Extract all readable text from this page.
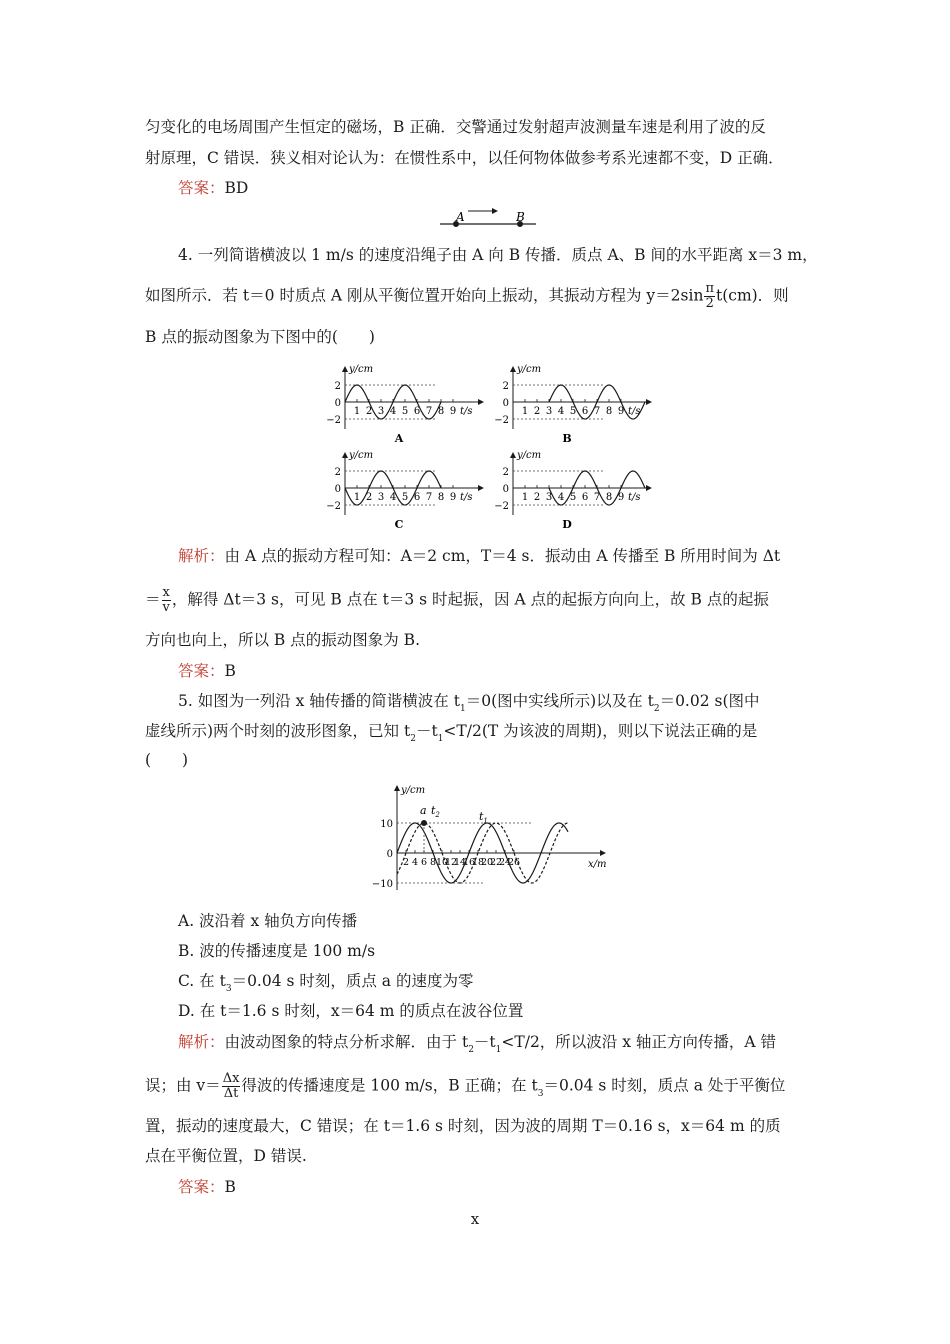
匀变化的电场周围产生恒定的磁场，B 正确．交警通过发射超声波测量车速是利用了波的反
射原理，C 错误．狭义相对论认为：在惯性系中，以任何物体做参考系光速都不变，D 正确．
答案：BD
A	B
4. 一列简谐横波以 1 m/s 的速度沿绳子由 A 向 B 传播．质点 A、B 间的水平距离 x＝3 m，
如图所示．若 t＝0 时质点 A 刚从平衡位置开始向上振动，其振动方程为 $y=2\sin \frac{\pi}{2} t(cm)$．则
B 点的振动图象为下图中的(　　)
y/cm
t/s
2
0
−2
1 2 3 4 5 6 7 8 9
A
y/cm
t/s
2
0
−2
1 2 3 4 5 6 7 8 9
B
y/cm
t/s
2
0
−2
1 2 3 4 5 6 7 8 9
C
y/cm
t/s
2
0
−2
1 2 3 4 5 6 7 8 9
D
解析：由 A 点的振动方程可知：A＝2 cm，T＝4 s．振动由 A 传播至 B 所用时间为 Δt
＝ $\frac{x}{v}$ ，解得 Δt＝3 s，可见 B 点在 t＝3 s 时起振，因 A 点的起振方向向上，故 B 点的起振
方向也向上，所以 B 点的振动图象为 B.
答案：B
5. 如图为一列沿 x 轴传播的简谐横波在 $t_1=0$(图中实线所示)以及在 $t_2=0.02$ s(图中
虚线所示)两个时刻的波形图象，已知 $t_2-t_1<T/2(T$ 为该波的周期)，则以下说法正确的是
(　　)
y/cm
x/m
10
0
−10
2 4 6 8 10
12
14
16
18
20
22
24
26
a $t_2$	$t_1$
A. 波沿着 x 轴负方向传播
B. 波的传播速度是 100 m/s
C. 在 $t_3=0.04$ s 时刻，质点 a 的速度为零
D. 在 t＝1.6 s 时刻，x＝64 m 的质点在波谷位置
解析：由波动图象的特点分析求解．由于 $t_2-t_1<T/2$，所以波沿 x 轴正方向传播，A 错
误；由 $v= \frac{\Delta x}{\Delta t}$ 得波的传播速度是 100 m/s，B 正确；在 $t_3=0.04$ s 时刻，质点 a 处于平衡位
置，振动的速度最大，C 错误；在 t＝1.6 s 时刻，因为波的周期 T＝0.16 s，x＝64 m 的质
点在平衡位置，D 错误.
答案：B
x
